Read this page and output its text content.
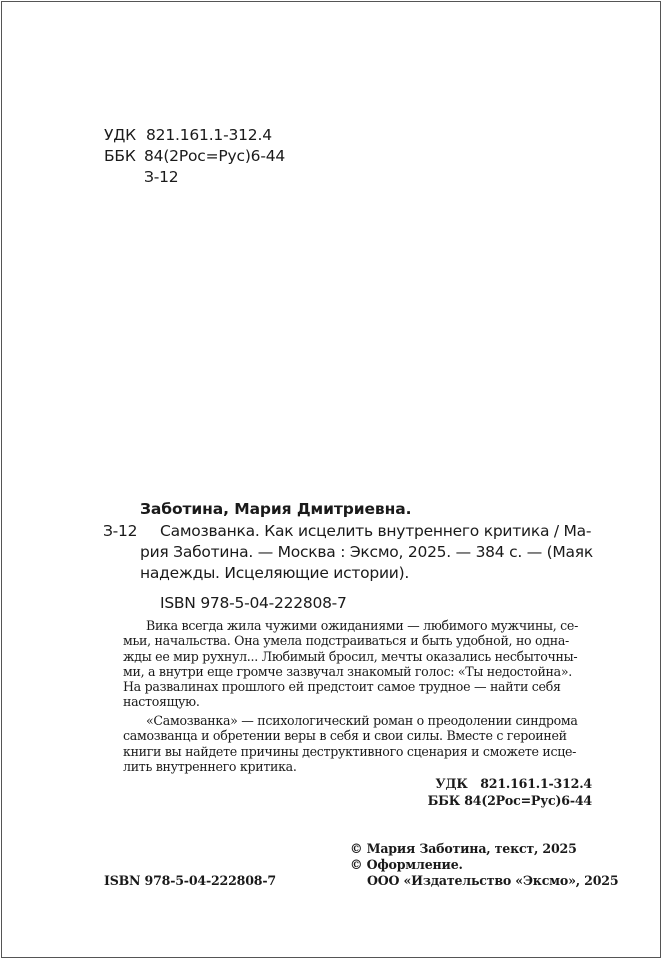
УДК 821.161.1-312.4
ББК 84(2Рос=Рус)6-44
З-12
Заботина, Мария Дмитриевна.
З-12 Самозванка. Как исцелить внутреннего критика / Ма-
рия Заботина. — Москва : Эксмо, 2025. — 384 с. — (Маяк
надежды. Исцеляющие истории).
ISBN 978-5-04-222808-7

Вика всегда жила чужими ожиданиями — любимого мужчины, се-

мьи, начальства. Она умела подстраиваться и быть удобной, но одна-

жды ее мир рухнул... Любимый бросил, мечты оказались несбыточны-

ми, а внутри еще громче зазвучал знакомый голос: «Ты недостойна».

На развалинах прошлого ей предстоит самое трудное — найти себя

настоящую.

«Самозванка» — психологический роман о преодолении синдрома

самозванца и обретении веры в себя и свои силы. Вместе с героиней

книги вы найдете причины деструктивного сценария и сможете исце-

лить внутреннего критика.

УДК   821.161.1-312.4
ББК 84(2Рос=Рус)6-44
© Мария Заботина, текст, 2025
© Оформление.
ISBN 978-5-04-222808-7	ООО «Издательство «Эксмо», 2025
